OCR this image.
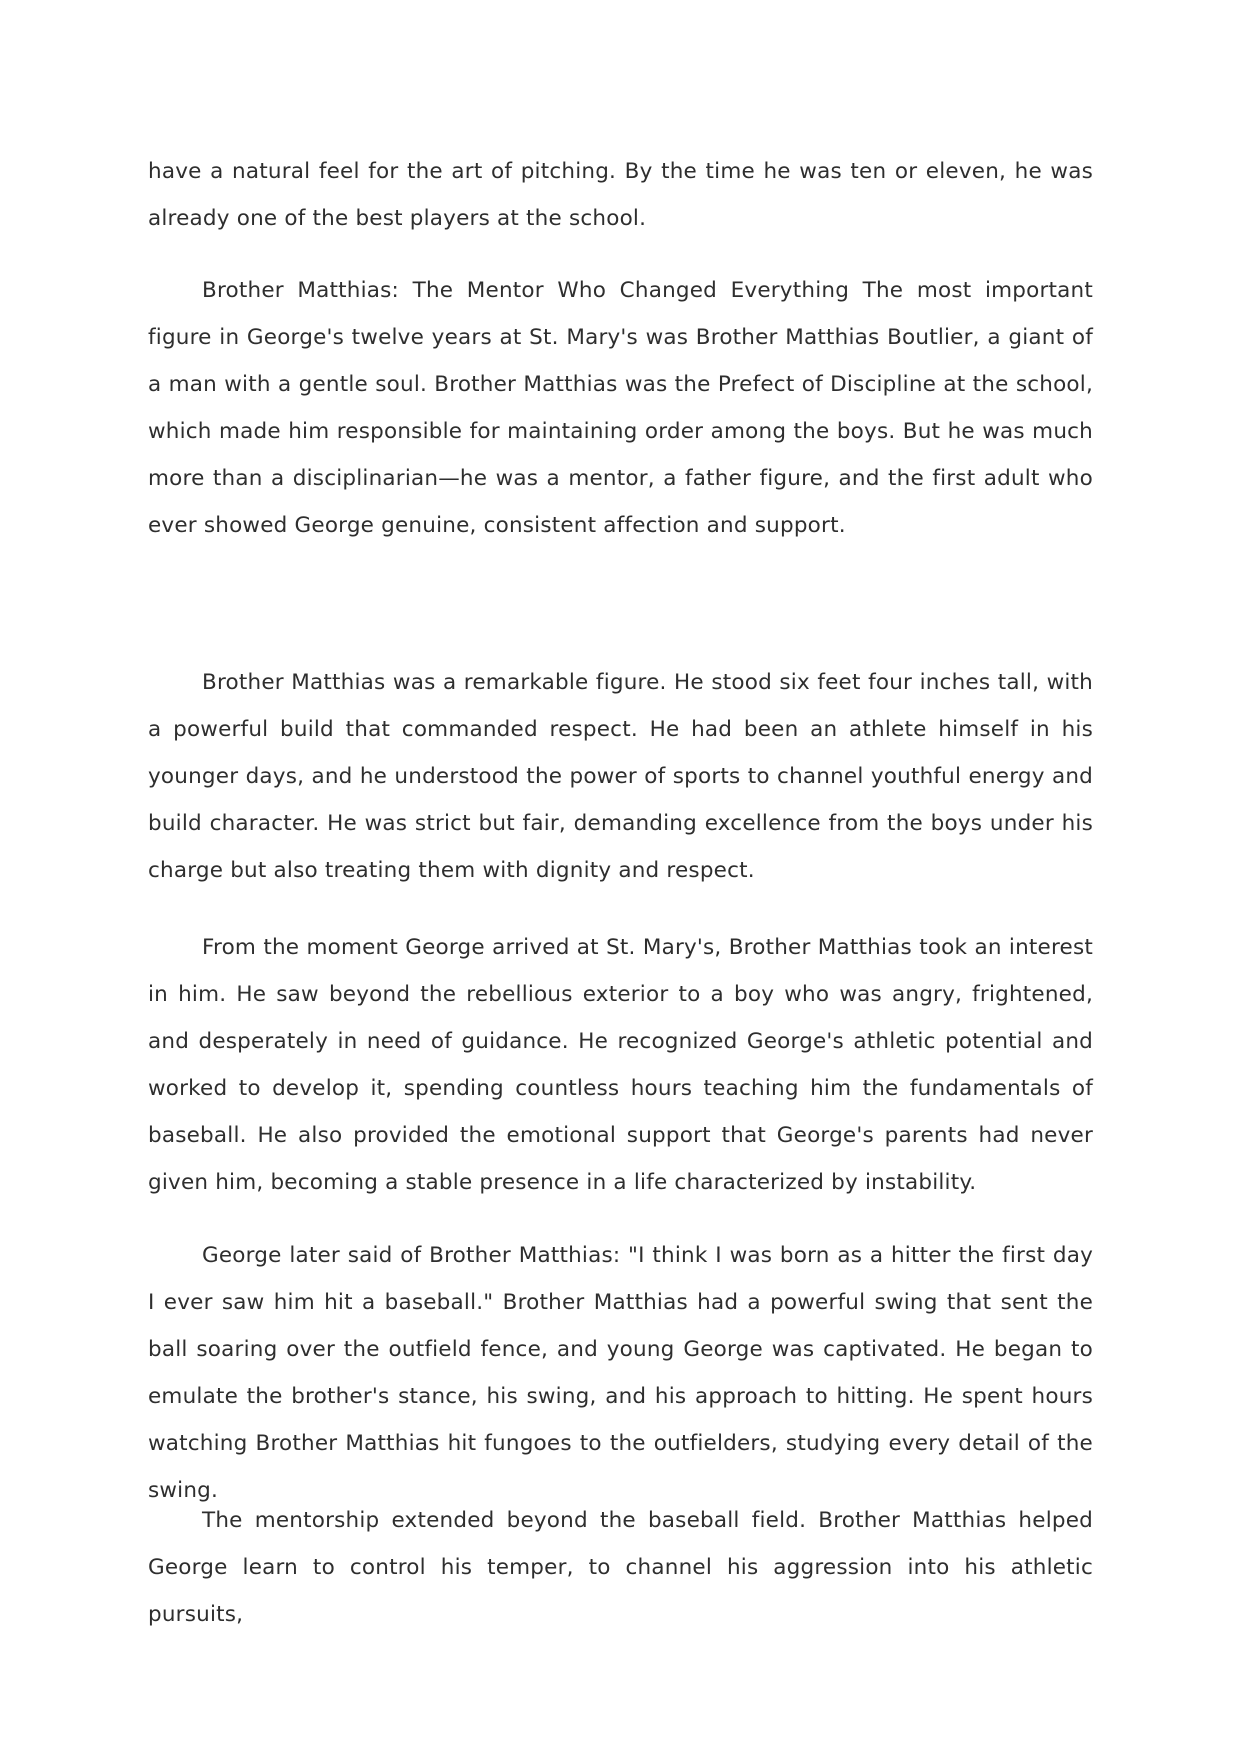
have a natural feel for the art of pitching. By the time he was ten or eleven, he was already one of the best players at the school.

Brother Matthias: The Mentor Who Changed Everything The most important figure in George's twelve years at St. Mary's was Brother Matthias Boutlier, a giant of a man with a gentle soul. Brother Matthias was the Prefect of Discipline at the school, which made him responsible for maintaining order among the boys. But he was much more than a disciplinarian—he was a mentor, a father figure, and the first adult who ever showed George genuine, consistent affection and support.

Brother Matthias was a remarkable figure. He stood six feet four inches tall, with a powerful build that commanded respect. He had been an athlete himself in his younger days, and he understood the power of sports to channel youthful energy and build character. He was strict but fair, demanding excellence from the boys under his charge but also treating them with dignity and respect.

From the moment George arrived at St. Mary's, Brother Matthias took an interest in him. He saw beyond the rebellious exterior to a boy who was angry, frightened, and desperately in need of guidance. He recognized George's athletic potential and worked to develop it, spending countless hours teaching him the fundamentals of baseball. He also provided the emotional support that George's parents had never given him, becoming a stable presence in a life characterized by instability.

George later said of Brother Matthias: "I think I was born as a hitter the first day I ever saw him hit a baseball." Brother Matthias had a powerful swing that sent the ball soaring over the outfield fence, and young George was captivated. He began to emulate the brother's stance, his swing, and his approach to hitting. He spent hours watching Brother Matthias hit fungoes to the outfielders, studying every detail of the swing.

The mentorship extended beyond the baseball field. Brother Matthias helped George learn to control his temper, to channel his aggression into his athletic pursuits,
